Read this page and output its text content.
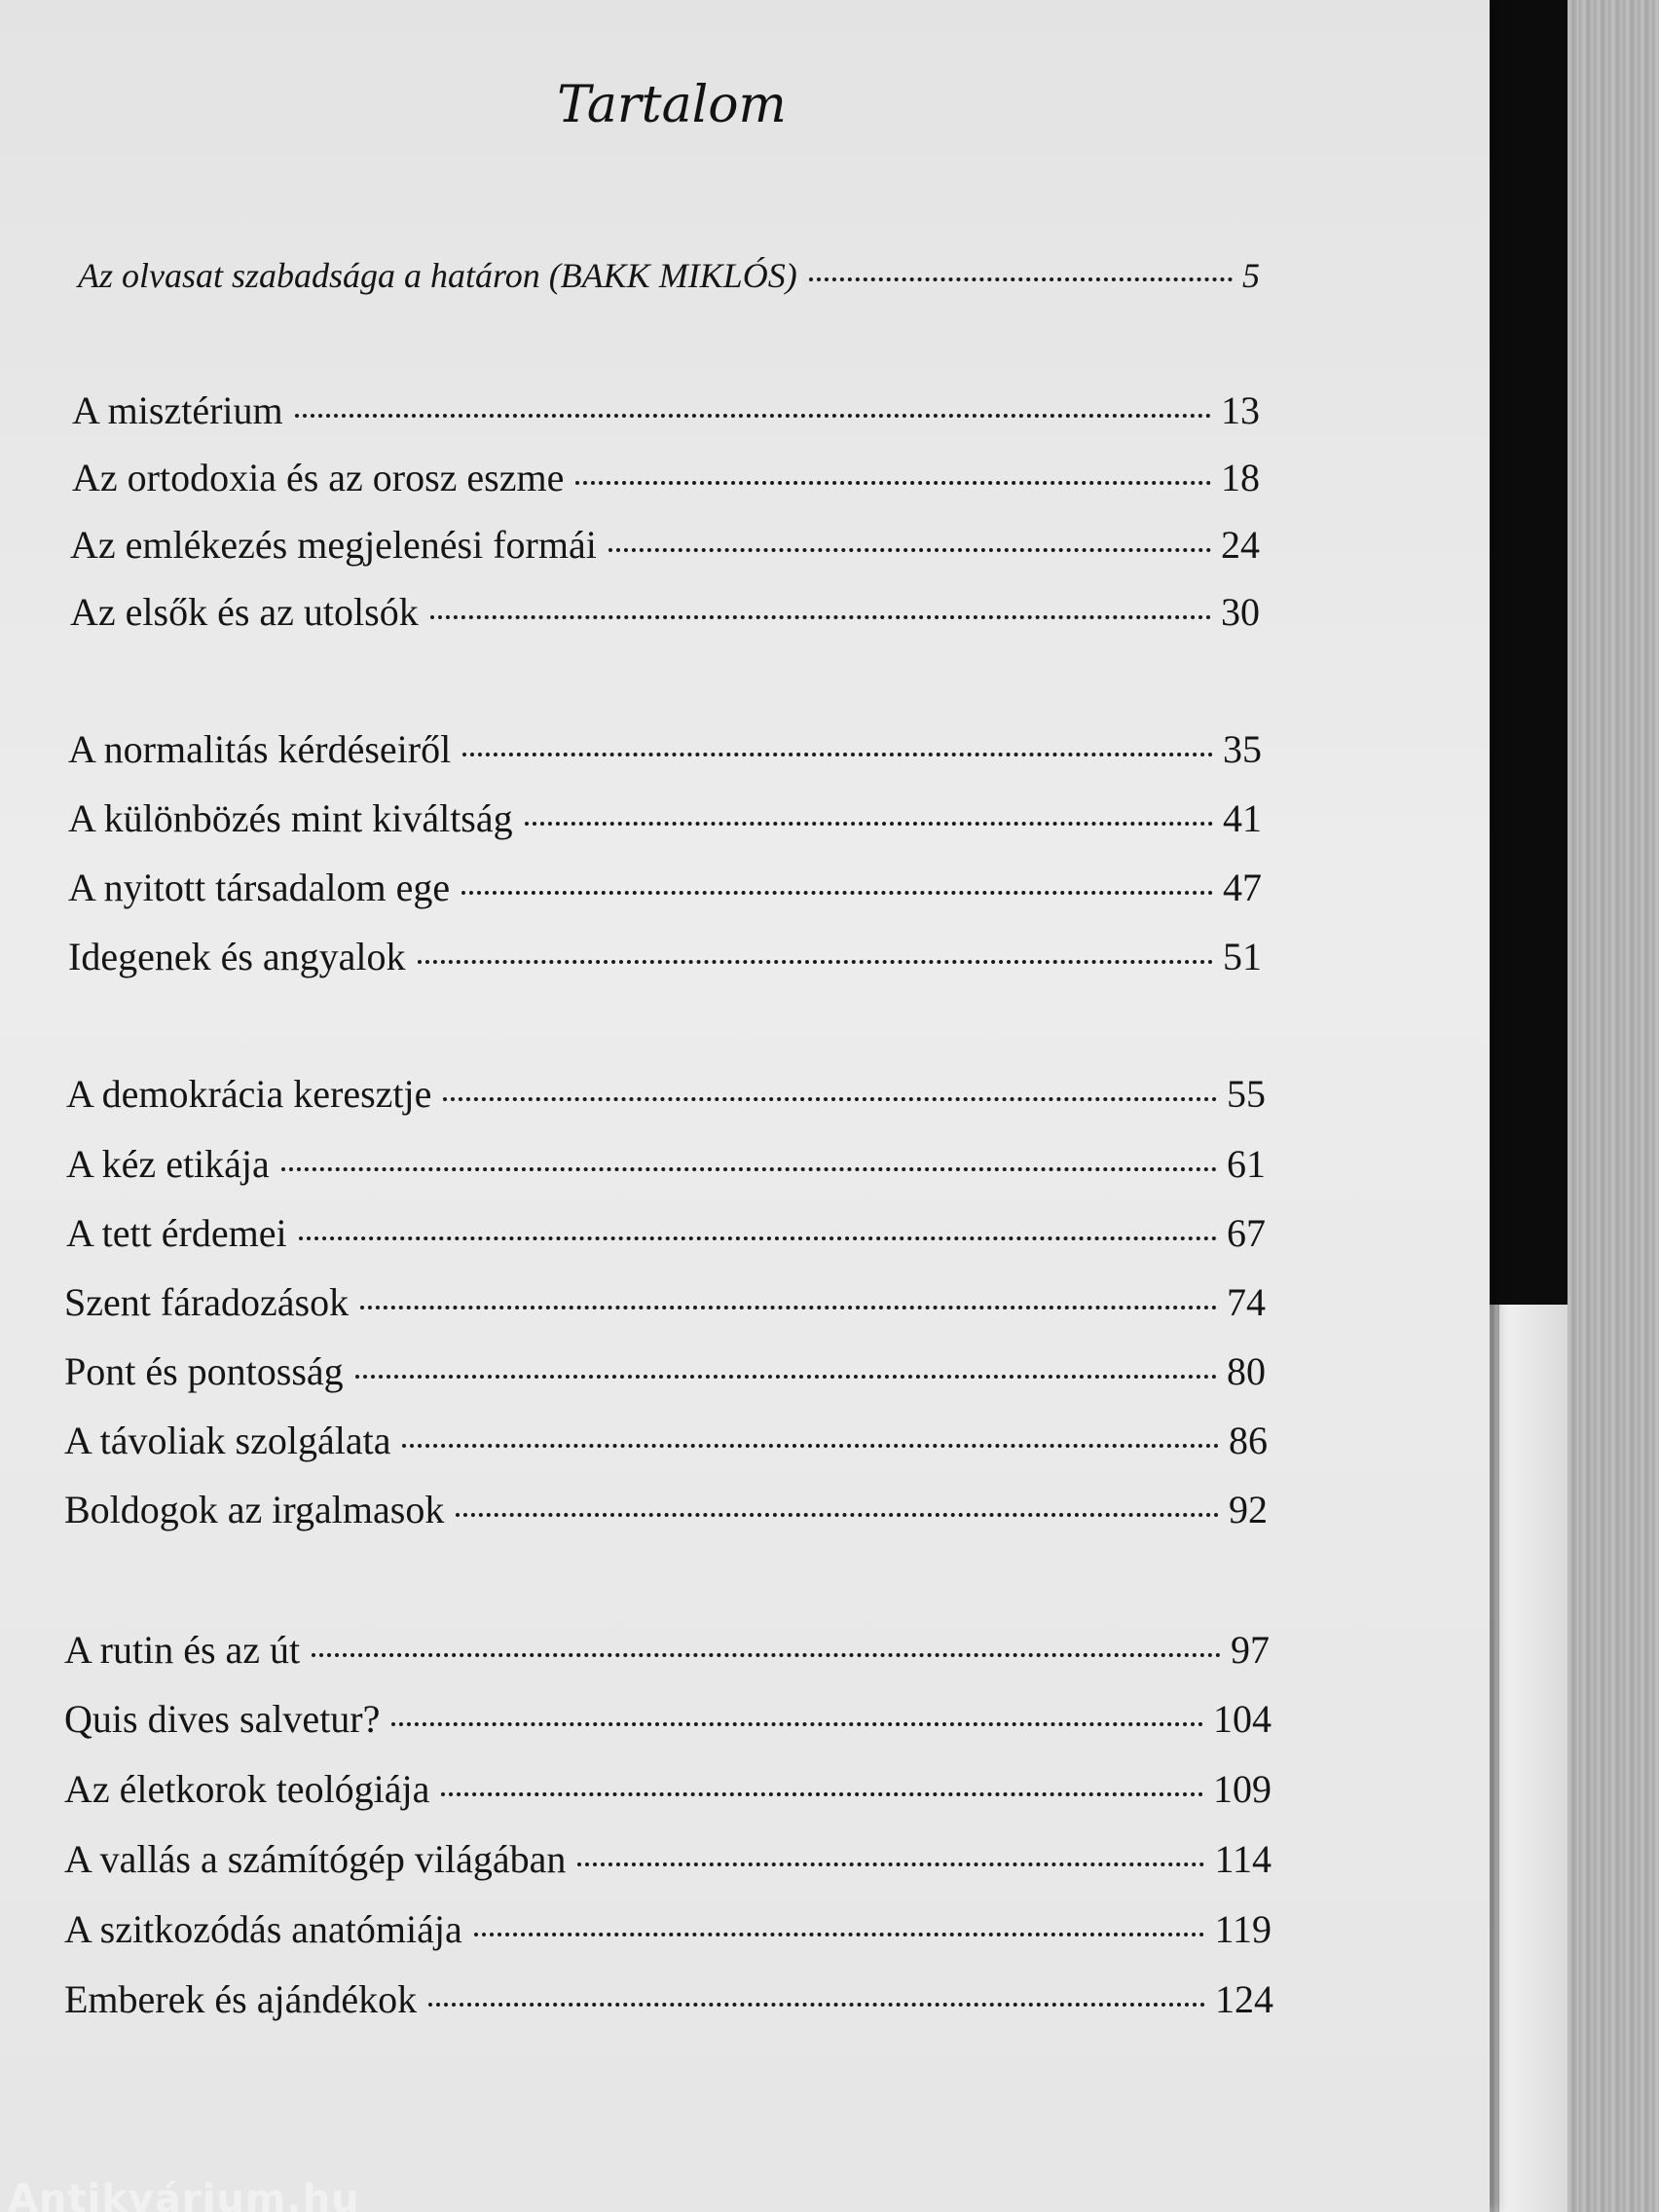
Tartalom
Az olvasat szabadsága a határon (BAKK MIKLÓS)	5
A misztérium	13
Az ortodoxia és az orosz eszme	18
Az emlékezés megjelenési formái	24
Az elsők és az utolsók	30
A normalitás kérdéseiről	35
A különbözés mint kiváltság	41
A nyitott társadalom ege	47
Idegenek és angyalok	51
A demokrácia keresztje	55
A kéz etikája	61
A tett érdemei	67
Szent fáradozások	74
Pont és pontosság	80
A távoliak szolgálata	86
Boldogok az irgalmasok	92
A rutin és az út	97
Quis dives salvetur?	104
Az életkorok teológiája	109
A vallás a számítógép világában	114
A szitkozódás anatómiája	119
Emberek és ajándékok	124
Antikvárium.hu
